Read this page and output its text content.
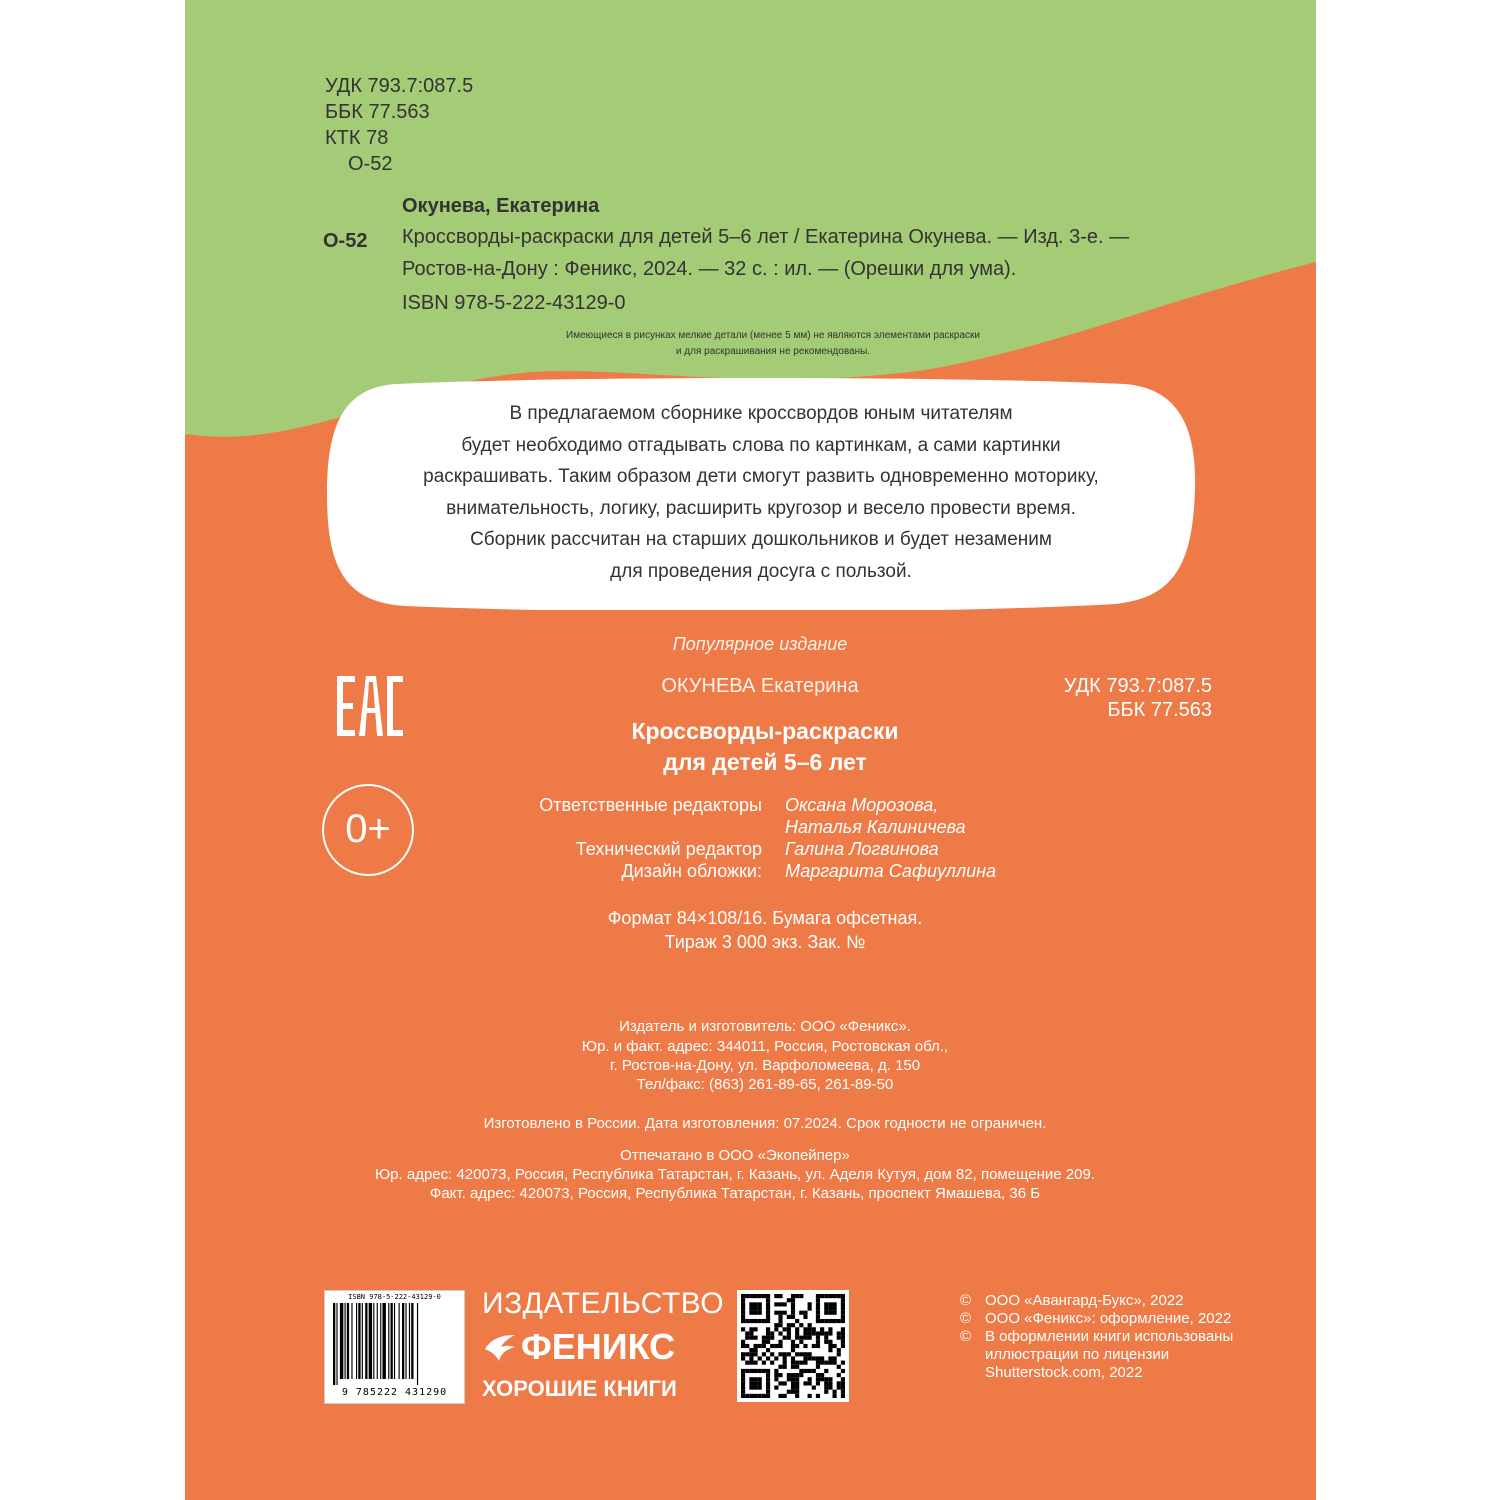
УДК 793.7:087.5
ББК 77.563
КТК 78
О-52
Окунева, Екатерина
О-52 Кроссворды-раскраски для детей 5–6 лет / Екатерина Окунева. — Изд. 3-е. —
Ростов-на-Дону : Феникс, 2024. — 32 с. : ил. — (Орешки для ума).
ISBN 978-5-222-43129-0
Имеющиеся в рисунках мелкие детали (менее 5 мм) не являются элементами раскраски
и для раскрашивания не рекомендованы.
В предлагаемом сборнике кроссвордов юным читателям
будет необходимо отгадывать слова по картинкам, а сами картинки
раскрашивать. Таким образом дети смогут развить одновременно моторику,
внимательность, логику, расширить кругозор и весело провести время.
Сборник рассчитан на старших дошкольников и будет незаменим
для проведения досуга с пользой.
ЕАС
0+
Популярное издание
ОКУНЕВА Екатерина	УДК 793.7:087.5
ББК 77.563
Кроссворды-раскраски
для детей 5–6 лет
Ответственные редакторы Оксана Морозова,
Наталья Калиничева
Технический редактор Галина Логвинова
Дизайн обложки: Маргарита Сафиуллина
Формат 84×108/16. Бумага офсетная.
Тираж 3 000 экз. Зак. №
Издатель и изготовитель: ООО «Феникс».
Юр. и факт. адрес: 344011, Россия, Ростовская обл.,
г. Ростов-на-Дону, ул. Варфоломеева, д. 150
Тел/факс: (863) 261-89-65, 261-89-50
Изготовлено в России. Дата изготовления: 07.2024. Срок годности не ограничен.
Отпечатано в ООО «Экопейпер»
Юр. адрес: 420073, Россия, Республика Татарстан, г. Казань, ул. Аделя Кутуя, дом 82, помещение 209.
Факт. адрес: 420073, Россия, Республика Татарстан, г. Казань, проспект Ямашева, 36 Б
ISBN 978-5-222-43129-0
9 785222 431290
ИЗДАТЕЛЬСТВО
ФЕНИКС
ХОРОШИЕ КНИГИ
© ООО «Авангард-Букс», 2022
© ООО «Феникс»: оформление, 2022
© В оформлении книги использованы
иллюстрации по лицензии
Shutterstock.com, 2022
